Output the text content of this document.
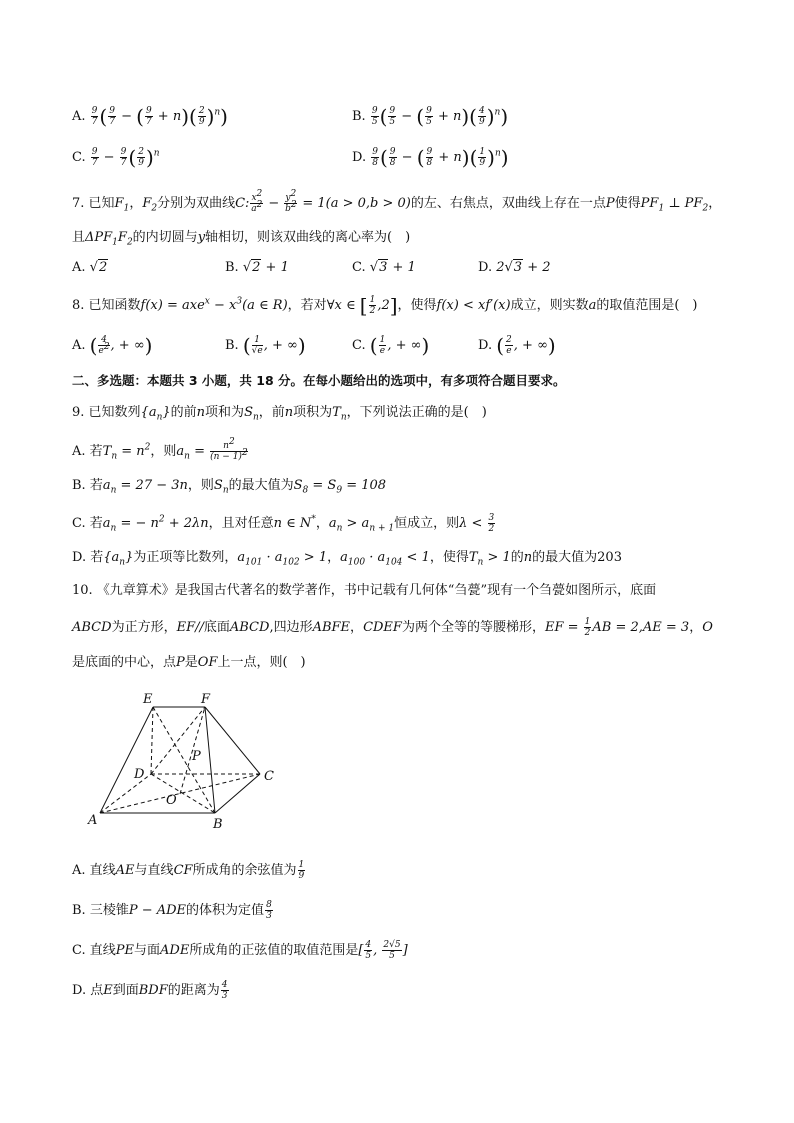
A. $\frac{9}{7}$ ( $\frac{9}{7}$ − ( $\frac{9}{7} + n)( \frac{2}{9} )^n$)	B. $\frac{9}{5}$ ( $\frac{9}{5}$ − ( $\frac{9}{5} + n)( \frac{4}{9} )^n$)
C. $\frac{9}{7} - \frac{9}{7}$ ( $\frac{2}{9} )^n$	D. $\frac{9}{8}$ ( $\frac{9}{8}$ − ( $\frac{9}{8} + n)( \frac{1}{9} )^n$)
7. 已知$F_1$，$F_2$分别为双曲线C: $\frac{x^2}{a^2} - \frac{y^2}{b^2} = 1(a > 0,b > 0)$的左、右焦点，双曲线上存在一点P使得$PF_1$ ⊥ $PF_2$，
且$\Delta PF_1F_2$的内切圆与y轴相切，则该双曲线的离心率为(　)
A. √2	B. √2 + 1	C. √3 + 1	D. 2√3 + 2
8. 已知函数$f(x) = axe^x - x^3(a$ ∈ R)，若对∀x ∈ [ $\frac{1}{2} ,2$]，使得f(x) < xf′(x)成立，则实数a的取值范围是(　)
A. ( $\frac{4}{e^2}$ , + ∞)	B. ( $\frac{1}{√e}$ , + ∞)	C. ( $\frac{1}{e}$ , + ∞)	D. ( $\frac{2}{e}$ , + ∞)
二、多选题：本题共 3 小题，共 18 分。在每小题给出的选项中，有多项符合题目要求。
9. 已知数列$\{a_n\}$的前n项和为$S_n$，前n项积为$T_n$，下列说法正确的是(　)
A. 若$T_n = n^2$，则$a_n = \frac{n^2}{(n - 1)^2}$
B. 若$a_n = 27 - 3n$，则$S_n$的最大值为$S_8 = S_9 = 108$
C. 若$a_n$ = − $n^2 + 2\lambda n$，且对任意n ∈ N*，$a_n > a_{n + 1}$恒成立，则$\lambda < \frac{3}{2}$
D. 若$\{a_n\}$为正项等比数列，$a_{101} \cdot a_{102} > 1$，$a_{100} \cdot a_{104} < 1$，使得$T_n > 1$的n的最大值为203
10. 《九章算术》是我国古代著名的数学著作，书中记载有几何体“刍甍”现有一个刍甍如图所示，底面
ABCD为正方形，EF//底面ABCD,四边形ABFE，CDEF为两个全等的等腰梯形，EF = $\frac{1}{2}$ AB = 2,AE = 3，O
是底面的中心，点P是OF上一点，则(　)
E	F
P
D	C
O
A	B
A. 直线AE与直线CF所成角的余弦值为 $\frac{1}{9}$
B. 三棱锥P − ADE的体积为定值 $\frac{8}{3}$
C. 直线PE与面ADE所成角的正弦值的取值范围是[ $\frac{4}{5}$ , $\frac{2√5}{5}$ ]
D. 点E到面BDF的距离为 $\frac{4}{3}$
